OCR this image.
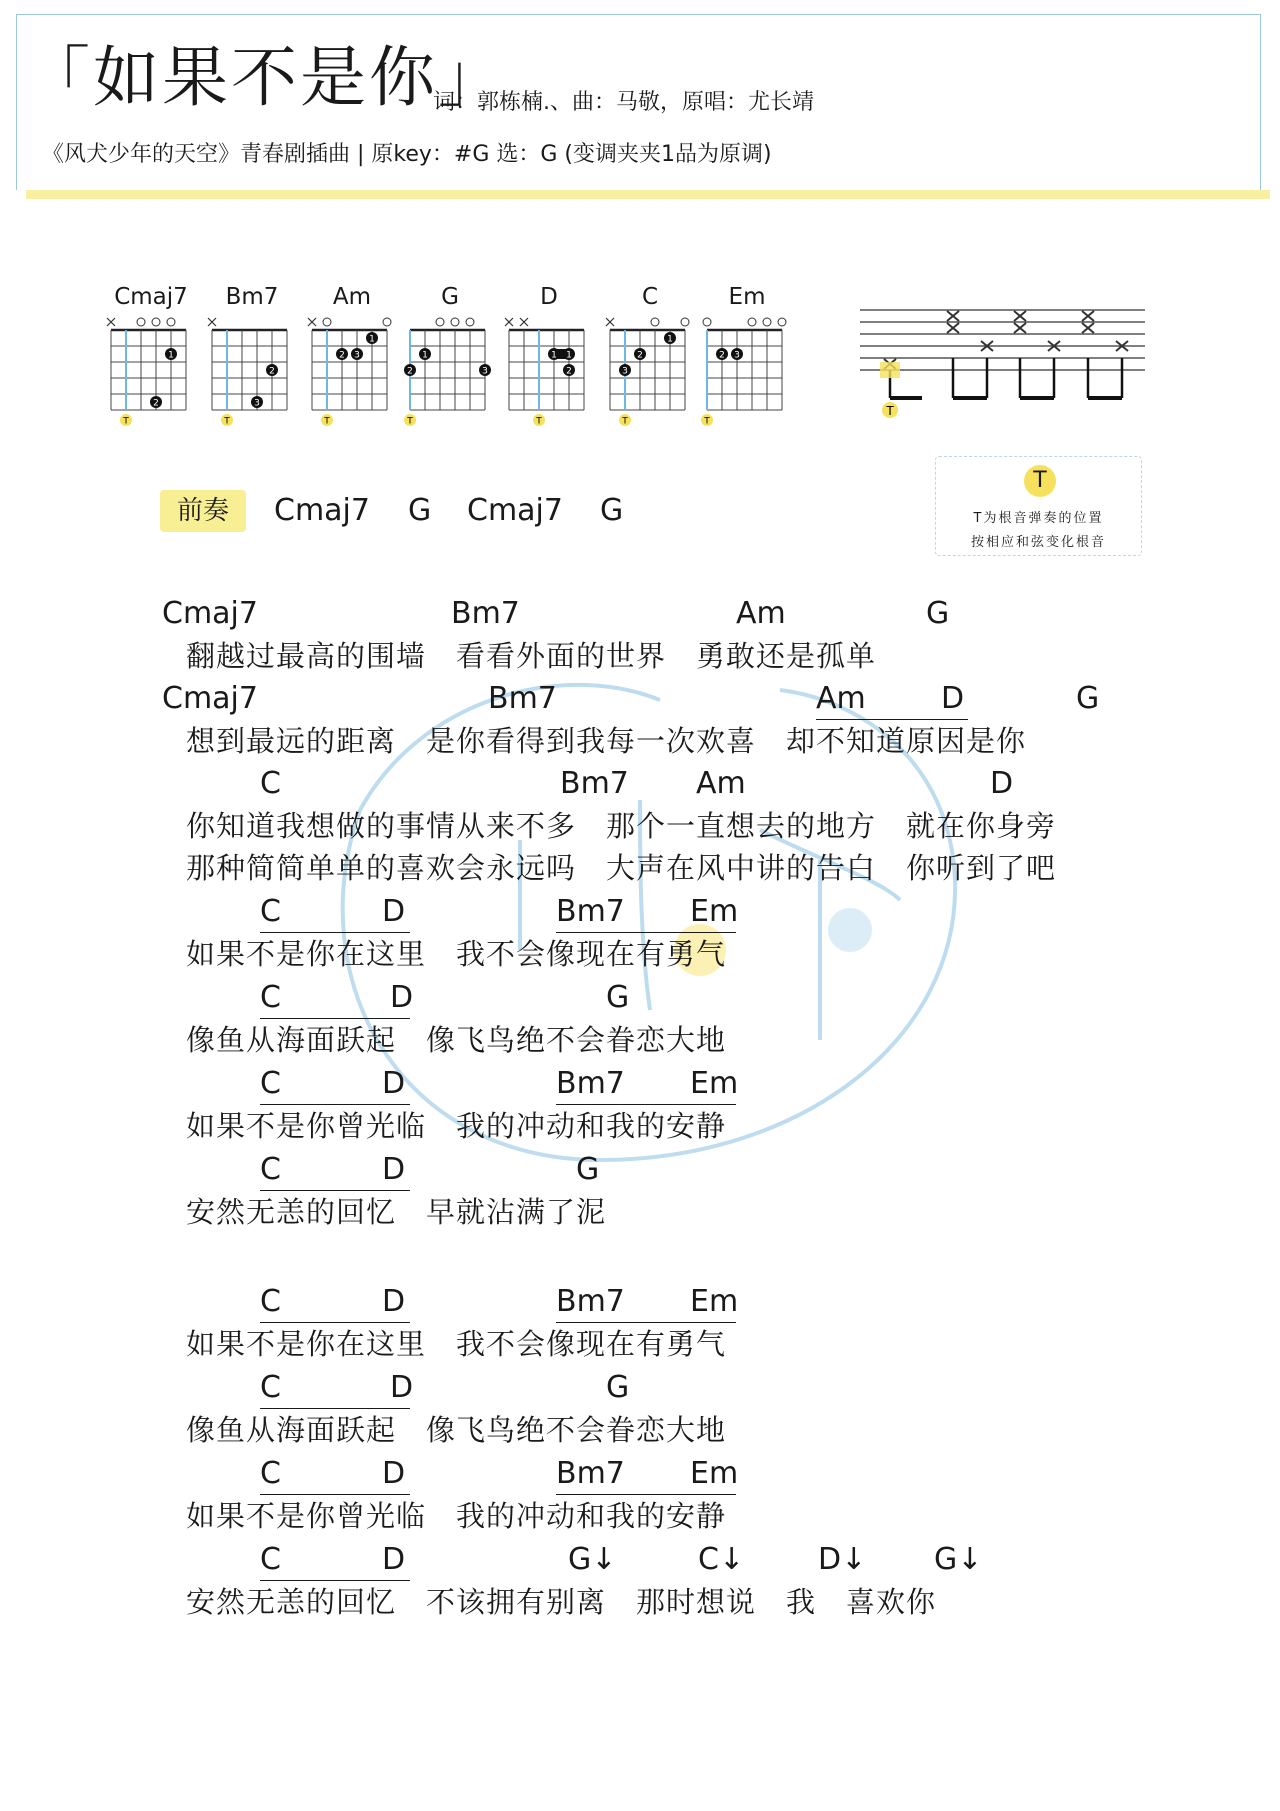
「如果不是你」
词：郭栋楠.、曲：马敬，原唱：尤长靖
《风犬少年的天空》青春剧插曲 | 原key：#G 选：G (变调夹夹1品为原调)
Cmaj7
1
2
T
Bm7
3
2
T
Am
2 3
1
T
G
2
1
3
T
D
1 1
2
T
C
3
2
1
T
Em
2 3
T
T
T
T为根音弹奏的位置
按相应和弦变化根音
前奏	Cmaj7 G Cmaj7 G
Cmaj7	Bm7	Am	G
翻越过最高的围墙　看看外面的世界　勇敢还是孤单
Cmaj7	Bm7	Am	D	G
想到最远的距离　是你看得到我每一次欢喜　却不知道原因是你
C	Bm7 Am	D
你知道我想做的事情从来不多　那个一直想去的地方　就在你身旁
那种简简单单的喜欢会永远吗　大声在风中讲的告白　你听到了吧
C	D	Bm7 Em
如果不是你在这里　我不会像现在有勇气
C	D	G
像鱼从海面跃起　像飞鸟绝不会眷恋大地
C	D	Bm7 Em
如果不是你曾光临　我的冲动和我的安静
C	D	G
安然无恙的回忆　早就沾满了泥
C	D	Bm7 Em
如果不是你在这里　我不会像现在有勇气
C	D	G
像鱼从海面跃起　像飞鸟绝不会眷恋大地
C	D	Bm7 Em
如果不是你曾光临　我的冲动和我的安静
C	D	G↓	C↓ D↓ G↓
安然无恙的回忆　不该拥有别离　那时想说　我　喜欢你
